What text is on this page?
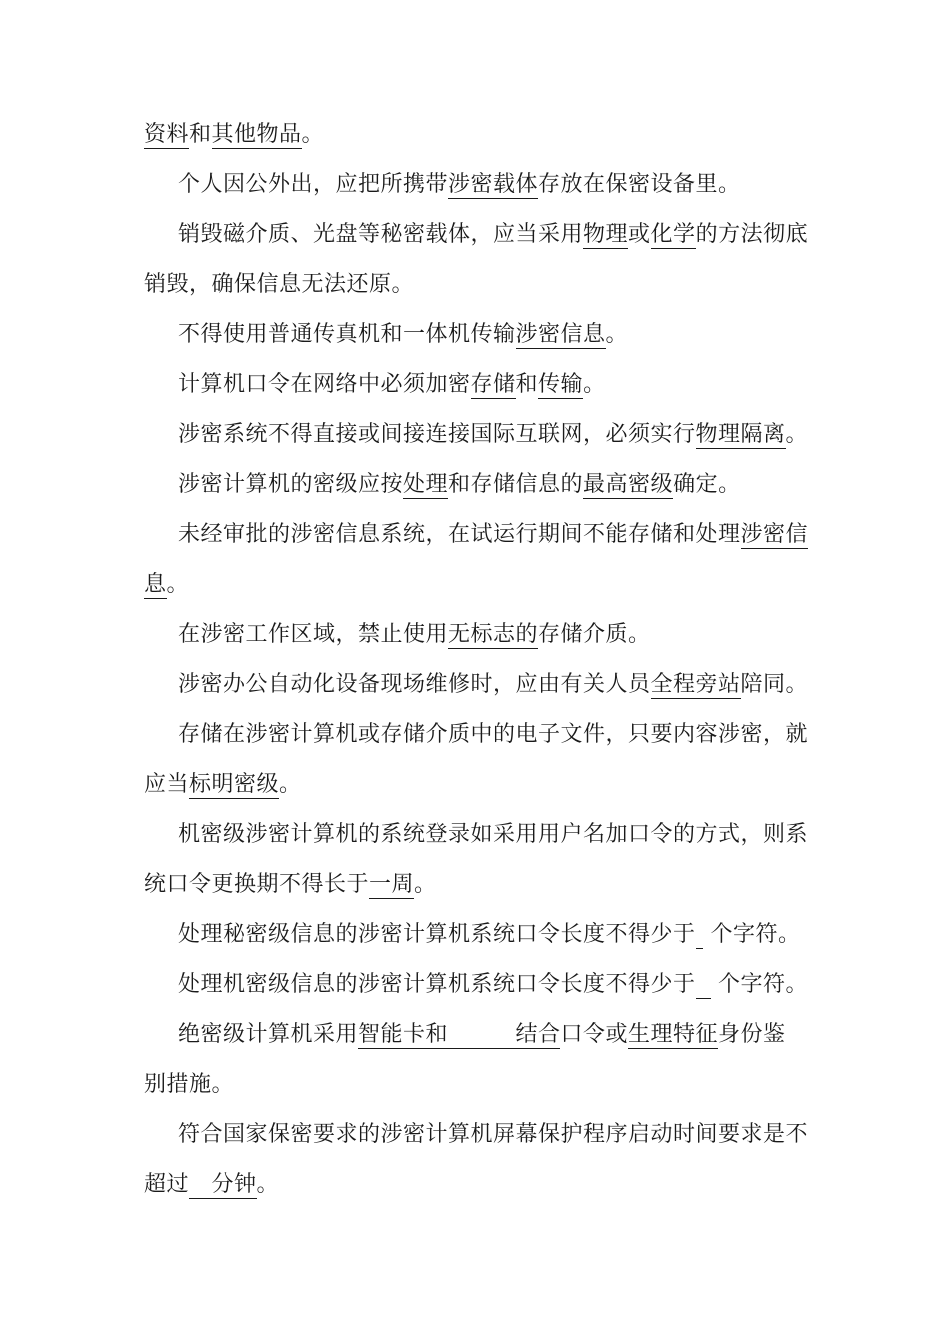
资料和其他物品。
个人因公外出，应把所携带涉密载体存放在保密设备里。
销毁磁介质、光盘等秘密载体，应当采用物理或化学的方法彻底
销毁，确保信息无法还原。
不得使用普通传真机和一体机传输涉密信息。
计算机口令在网络中必须加密存储和传输。
涉密系统不得直接或间接连接国际互联网，必须实行物理隔离。
涉密计算机的密级应按处理和存储信息的最高密级确定。
未经审批的涉密信息系统，在试运行期间不能存储和处理涉密信
息。
在涉密工作区域，禁止使用无标志的存储介质。
涉密办公自动化设备现场维修时，应由有关人员全程旁站陪同。
存储在涉密计算机或存储介质中的电子文件，只要内容涉密，就
应当标明密级。
机密级涉密计算机的系统登录如采用用户名加口令的方式，则系
统口令更换期不得长于一周。
处理秘密级信息的涉密计算机系统口令长度不得少于  个字符。
处理机密级信息的涉密计算机系统口令长度不得少于   个字符。
绝密级计算机采用智能卡和         结合口令或生理特征身份鉴
别措施。
符合国家保密要求的涉密计算机屏幕保护程序启动时间要求是不
超过   分钟。
